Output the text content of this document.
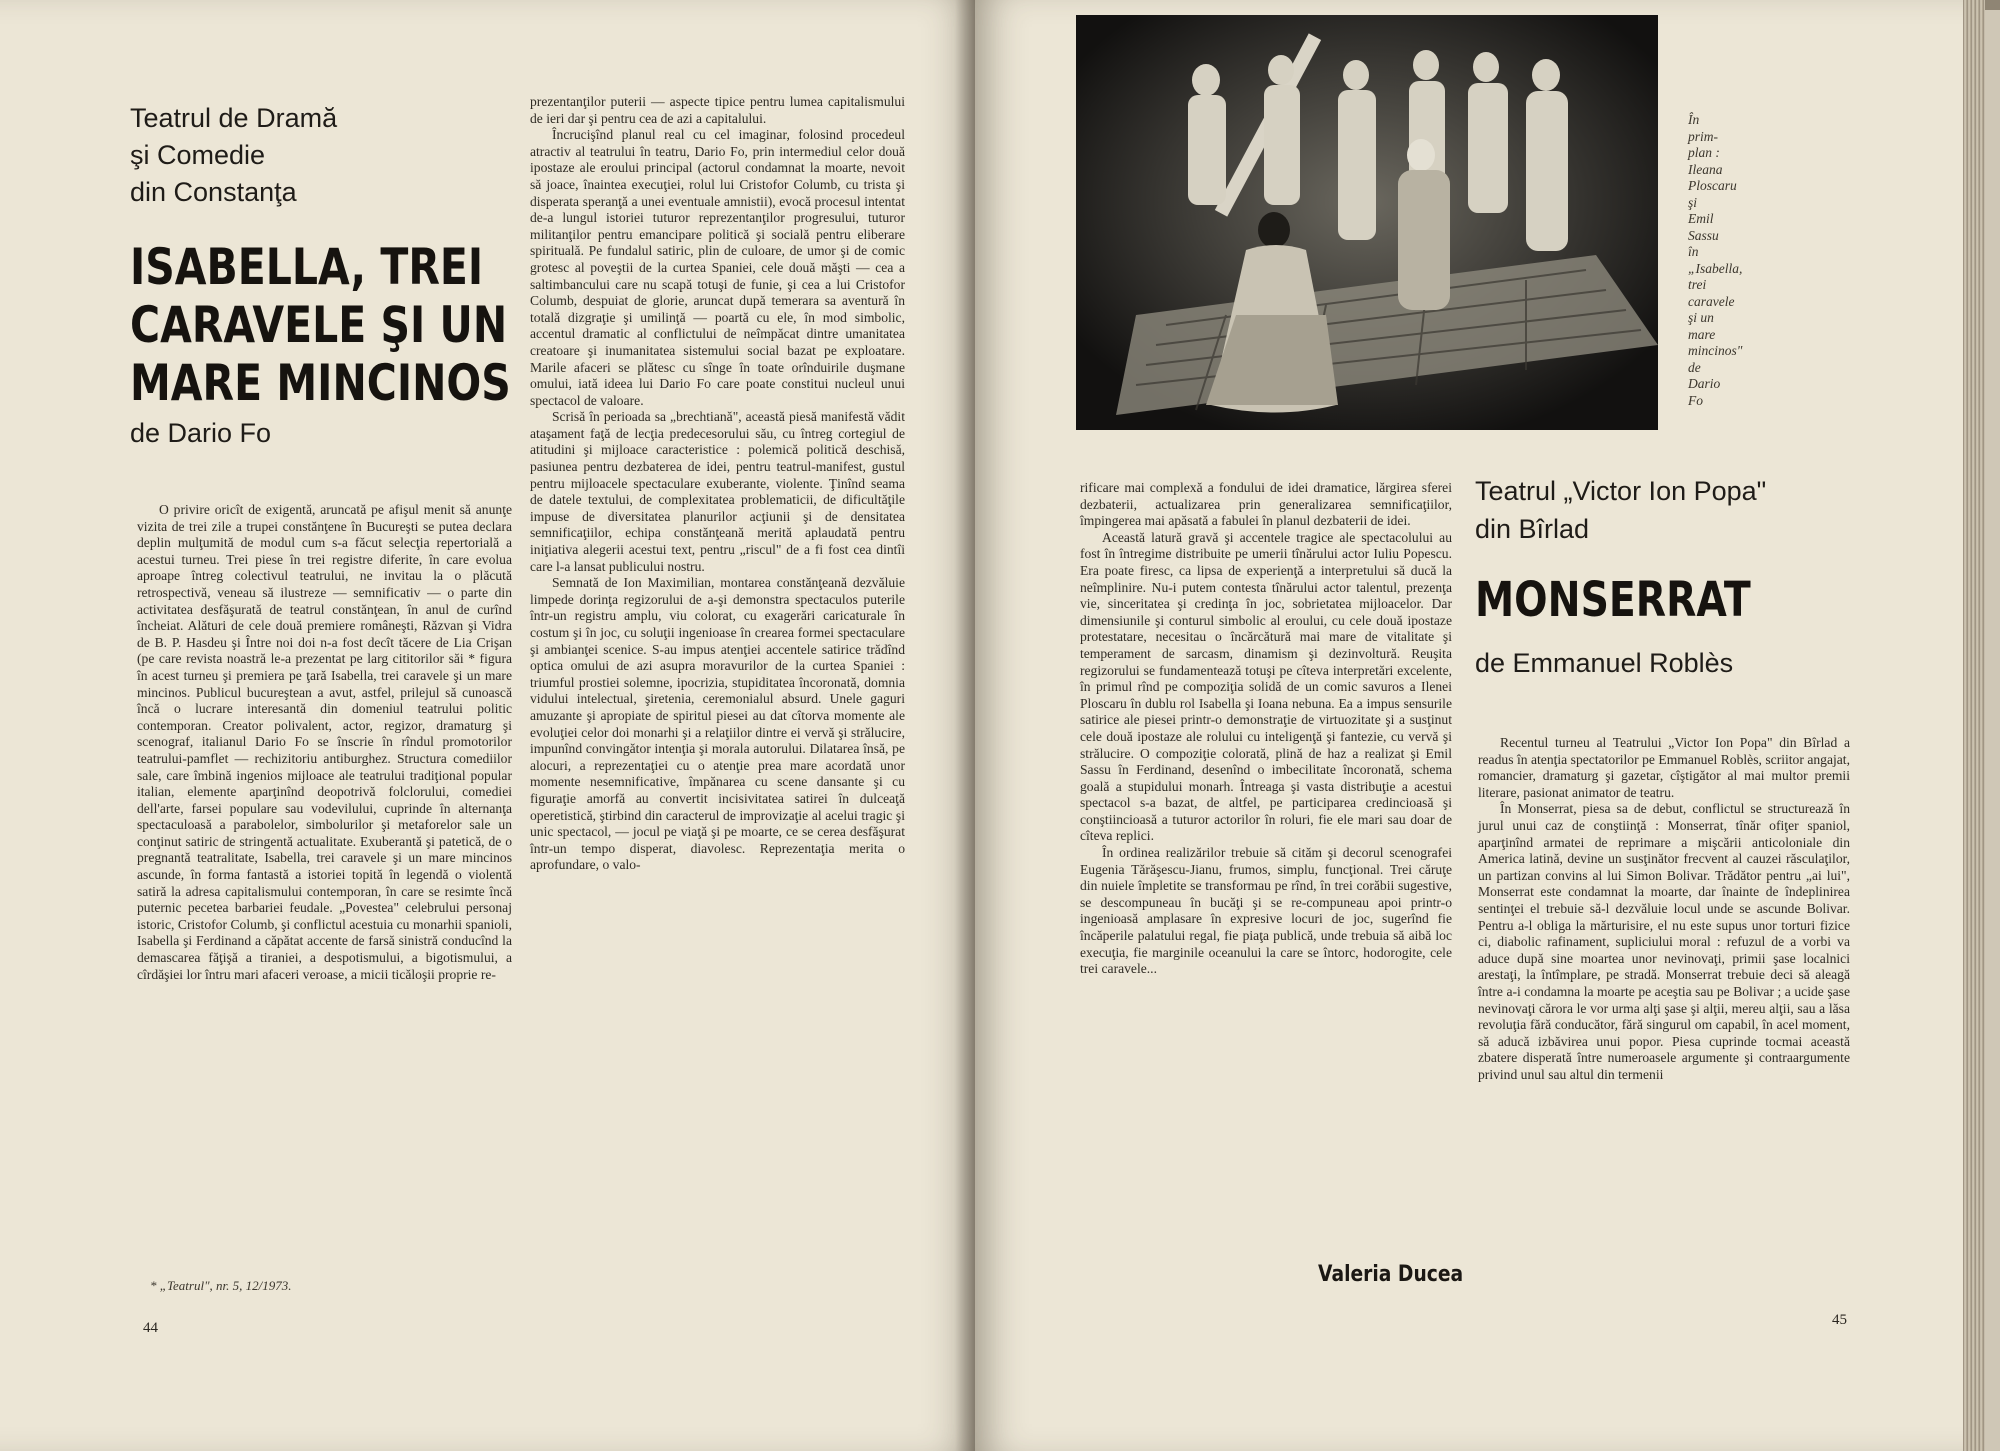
Teatrul de Dramă
şi Comedie
din Constanţa
ISABELLA, TREI
CARAVELE ŞI UN
MARE MINCINOS
de Dario Fo

O privire oricît de exigentă, aruncată pe afişul menit să anunţe vizita de trei zile a trupei constănţene în Bucureşti se putea declara deplin mulţumită de modul cum s-a făcut selecţia repertorială a acestui turneu. Trei piese în trei registre diferite, în care evolua aproape întreg colectivul teatrului, ne invitau la o plăcută retrospectivă, veneau să ilustreze — semnificativ — o parte din activitatea desfăşurată de teatrul constănţean, în anul de curînd încheiat. Alături de cele două premiere româneşti, Răzvan şi Vidra de B. P. Hasdeu şi Între noi doi n-a fost decît tăcere de Lia Crişan (pe care revista noastră le-a prezentat pe larg cititorilor săi * figura în acest turneu şi premiera pe ţară Isabella, trei caravele şi un mare mincinos. Publicul bucureştean a avut, astfel, prilejul să cunoască încă o lucrare interesantă din domeniul teatrului politic contemporan. Creator polivalent, actor, regizor, dramaturg şi scenograf, italianul Dario Fo se înscrie în rîndul promotorilor teatrului-pamflet — rechizitoriu antiburghez. Structura comediilor sale, care îmbină ingenios mijloace ale teatrului tradiţional popular italian, elemente aparţinînd deopotrivă folclorului, comediei dell'arte, farsei populare sau vodevilului, cuprinde în alternanţa spectaculoasă a parabolelor, simbolurilor şi metaforelor sale un conţinut satiric de stringentă actualitate. Exuberantă şi patetică, de o pregnantă teatralitate, Isabella, trei caravele şi un mare mincinos ascunde, în forma fantastă a istoriei topită în legendă o violentă satiră la adresa capitalismului contemporan, în care se resimte încă puternic pecetea barbariei feudale. „Povestea" celebrului personaj istoric, Cristofor Columb, şi conflictul acestuia cu monarhii spanioli, Isabella şi Ferdinand a căpătat accente de farsă sinistră conducînd la demascarea făţişă a tiraniei, a despotismului, a bigotismului, a cîrdăşiei lor întru mari afaceri veroase, a micii ticăloşii proprie re-

* „Teatrul", nr. 5, 12/1973.
44

prezentanţilor puterii — aspecte tipice pentru lumea capitalismului de ieri dar şi pentru cea de azi a capitalului.

Încrucişînd planul real cu cel imaginar, folosind procedeul atractiv al teatrului în teatru, Dario Fo, prin intermediul celor două ipostaze ale eroului principal (actorul condamnat la moarte, nevoit să joace, înaintea execuţiei, rolul lui Cristofor Columb, cu trista şi disperata speranţă a unei eventuale amnistii), evocă procesul intentat de-a lungul istoriei tuturor reprezentanţilor progresului, tuturor militanţilor pentru emancipare politică şi socială pentru eliberare spirituală. Pe fundalul satiric, plin de culoare, de umor şi de comic grotesc al poveştii de la curtea Spaniei, cele două măşti — cea a saltimbancului care nu scapă totuşi de funie, şi cea a lui Cristofor Columb, despuiat de glorie, aruncat după temerara sa aventură în totală dizgraţie şi umilinţă — poartă cu ele, în mod simbolic, accentul dramatic al conflictului de neîmpăcat dintre umanitatea creatoare şi inumanitatea sistemului social bazat pe exploatare. Marile afaceri se plătesc cu sînge în toate orînduirile duşmane omului, iată ideea lui Dario Fo care poate constitui nucleul unui spectacol de valoare.

Scrisă în perioada sa „brechtiană", această piesă manifestă vădit ataşament faţă de lecţia predecesorului său, cu întreg cortegiul de atitudini şi mijloace caracteristice : polemică politică deschisă, pasiunea pentru dezbaterea de idei, pentru teatrul-manifest, gustul pentru mijloacele spectaculare exuberante, violente. Ţinînd seama de datele textului, de complexitatea problematicii, de dificultăţile impuse de diversitatea planurilor acţiunii şi de densitatea semnificaţiilor, echipa constănţeană merită aplaudată pentru iniţiativa alegerii acestui text, pentru „riscul" de a fi fost cea dintîi care l-a lansat publicului nostru.

Semnată de Ion Maximilian, montarea constănţeană dezvăluie limpede dorinţa regizorului de a-şi demonstra spectaculos puterile într-un registru amplu, viu colorat, cu exagerări caricaturale în costum şi în joc, cu soluţii ingenioase în crearea formei spectaculare şi ambianţei scenice. S-au impus atenţiei accentele satirice trădînd optica omului de azi asupra moravurilor de la curtea Spaniei : triumful prostiei solemne, ipocrizia, stupiditatea încoronată, domnia vidului intelectual, şiretenia, ceremonialul absurd. Unele gaguri amuzante şi apropiate de spiritul piesei au dat cîtorva momente ale evoluţiei celor doi monarhi şi a relaţiilor dintre ei vervă şi strălucire, impunînd convingător intenţia şi morala autorului. Dilatarea însă, pe alocuri, a reprezentaţiei cu o atenţie prea mare acordată unor momente nesemnificative, împănarea cu scene dansante şi cu figuraţie amorfă au convertit incisivitatea satirei în dulceaţă operetistică, ştirbind din caracterul de improvizaţie al acelui tragic şi unic spectacol, — jocul pe viaţă şi pe moarte, ce se cerea desfăşurat într-un tempo disperat, diavolesc. Reprezentaţia merita o aprofundare, o valo-

În
prim-
plan :
Ileana
Ploscaru
şi
Emil
Sassu
în
„Isabella,
trei
caravele
şi un
mare
mincinos"
de
Dario
Fo

rificare mai complexă a fondului de idei dramatice, lărgirea sferei dezbaterii, actualizarea prin generalizarea semnificaţiilor, împingerea mai apăsată a fabulei în planul dezbaterii de idei.

Această latură gravă şi accentele tragice ale spectacolului au fost în întregime distribuite pe umerii tînărului actor Iuliu Popescu. Era poate firesc, ca lipsa de experienţă a interpretului să ducă la neîmplinire. Nu-i putem contesta tînărului actor talentul, prezenţa vie, sinceritatea şi credinţa în joc, sobrietatea mijloacelor. Dar dimensiunile şi conturul simbolic al eroului, cu cele două ipostaze protestatare, necesitau o încărcătură mai mare de vitalitate şi temperament de sarcasm, dinamism şi dezinvoltură. Reuşita regizorului se fundamentează totuşi pe cîteva interpretări excelente, în primul rînd pe compoziţia solidă de un comic savuros a Ilenei Ploscaru în dublu rol Isabella şi Ioana nebuna. Ea a impus sensurile satirice ale piesei printr-o demonstraţie de virtuozitate şi a susţinut cele două ipostaze ale rolului cu inteligenţă şi fantezie, cu vervă şi strălucire. O compoziţie colorată, plină de haz a realizat şi Emil Sassu în Ferdinand, desenînd o imbecilitate încoronată, schema goală a stupidului monarh. Întreaga şi vasta distribuţie a acestui spectacol s-a bazat, de altfel, pe participarea credincioasă şi conştiincioasă a tuturor actorilor în roluri, fie ele mari sau doar de cîteva replici.

În ordinea realizărilor trebuie să cităm şi decorul scenografei Eugenia Tărăşescu-Jianu, frumos, simplu, funcţional. Trei căruţe din nuiele împletite se transformau pe rînd, în trei corăbii sugestive, se descompuneau în bucăţi şi se re-compuneau apoi printr-o ingenioasă amplasare în expresive locuri de joc, sugerînd fie încăperile palatului regal, fie piaţa publică, unde trebuia să aibă loc execuţia, fie marginile oceanului la care se întorc, hodorogite, cele trei caravele...

Valeria Ducea
Teatrul „Victor Ion Popa"
din Bîrlad
MONSERRAT
de Emmanuel Roblès

Recentul turneu al Teatrului „Victor Ion Popa" din Bîrlad a readus în atenţia spectatorilor pe Emmanuel Roblès, scriitor angajat, romancier, dramaturg şi gazetar, cîştigător al mai multor premii literare, pasionat animator de teatru.

În Monserrat, piesa sa de debut, conflictul se structurează în jurul unui caz de conştiinţă : Monserrat, tînăr ofiţer spaniol, aparţinînd armatei de reprimare a mişcării anticoloniale din America latină, devine un susţinător frecvent al cauzei răsculaţilor, un partizan convins al lui Simon Bolivar. Trădător pentru „ai lui", Monserrat este condamnat la moarte, dar înainte de îndeplinirea sentinţei el trebuie să-l dezvăluie locul unde se ascunde Bolivar. Pentru a-l obliga la mărturisire, el nu este supus unor torturi fizice ci, diabolic rafinament, supliciului moral : refuzul de a vorbi va aduce după sine moartea unor nevinovaţi, primii şase localnici arestaţi, la întîmplare, pe stradă. Monserrat trebuie deci să aleagă între a-i condamna la moarte pe aceştia sau pe Bolivar ; a ucide şase nevinovaţi cărora le vor urma alţi şase şi alţii, mereu alţii, sau a lăsa revoluţia fără conducător, fără singurul om capabil, în acel moment, să aducă izbăvirea unui popor. Piesa cuprinde tocmai această zbatere disperată între numeroasele argumente şi contraargumente privind unul sau altul din termenii

45
